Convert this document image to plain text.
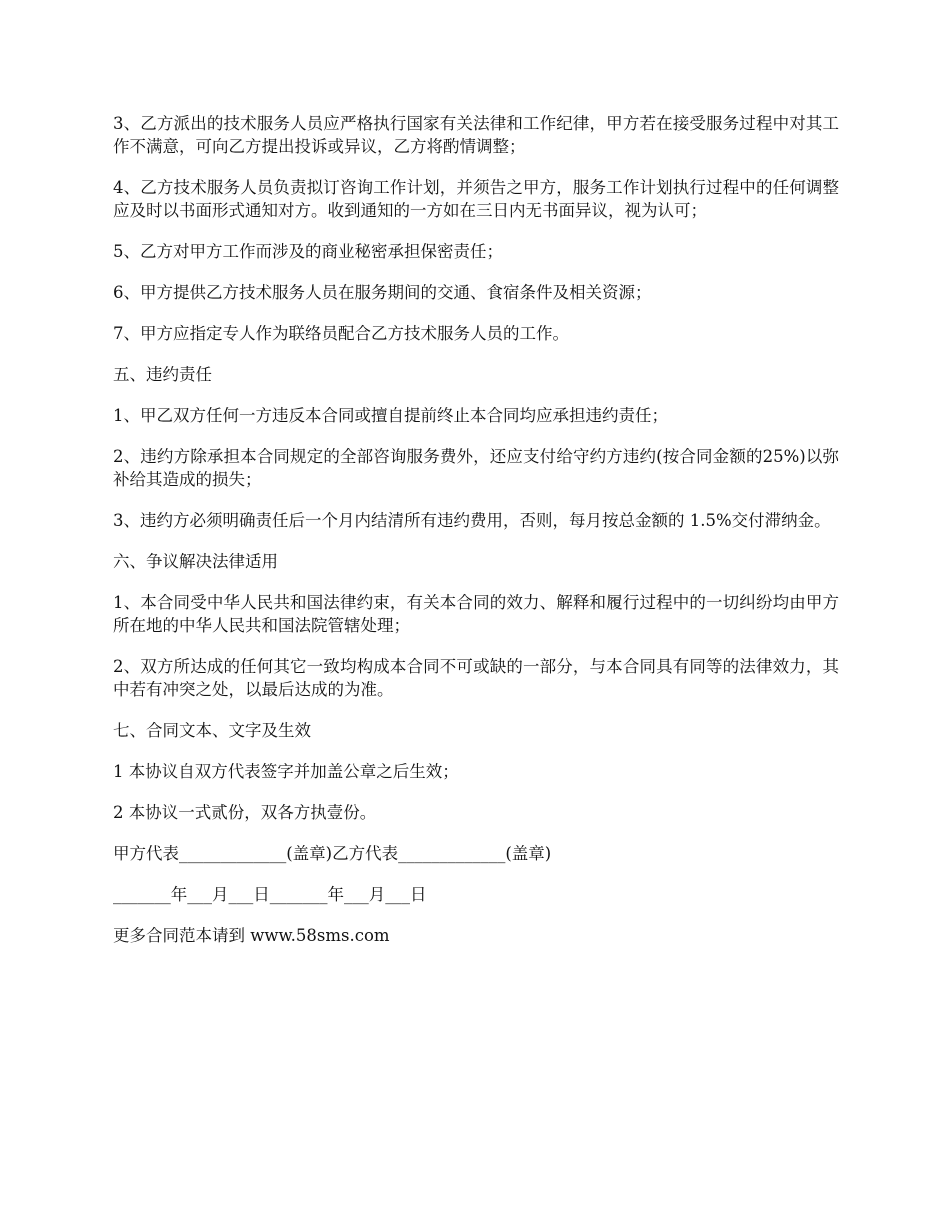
3、乙方派出的技术服务人员应严格执行国家有关法律和工作纪律，甲方若在接受服务过程中对其工作不满意，可向乙方提出投诉或异议，乙方将酌情调整；

4、乙方技术服务人员负责拟订咨询工作计划，并须告之甲方，服务工作计划执行过程中的任何调整应及时以书面形式通知对方。收到通知的一方如在三日内无书面异议，视为认可；

5、乙方对甲方工作而涉及的商业秘密承担保密责任；

6、甲方提供乙方技术服务人员在服务期间的交通、食宿条件及相关资源；

7、甲方应指定专人作为联络员配合乙方技术服务人员的工作。

五、违约责任

1、甲乙双方任何一方违反本合同或擅自提前终止本合同均应承担违约责任；

2、违约方除承担本合同规定的全部咨询服务费外，还应支付给守约方违约(按合同金额的25%)以弥补给其造成的损失；

3、违约方必须明确责任后一个月内结清所有违约费用，否则，每月按总金额的 1.5%交付滞纳金。

六、争议解决法律适用

1、本合同受中华人民共和国法律约束，有关本合同的效力、解释和履行过程中的一切纠纷均由甲方所在地的中华人民共和国法院管辖处理；

2、双方所达成的任何其它一致均构成本合同不可或缺的一部分，与本合同具有同等的法律效力，其中若有冲突之处，以最后达成的为准。

七、合同文本、文字及生效

1 本协议自双方代表签字并加盖公章之后生效；

2 本协议一式贰份，双各方执壹份。

甲方代表_____________(盖章)乙方代表_____________(盖章)

_______年___月___日_______年___月___日

更多合同范本请到 www.58sms.com
